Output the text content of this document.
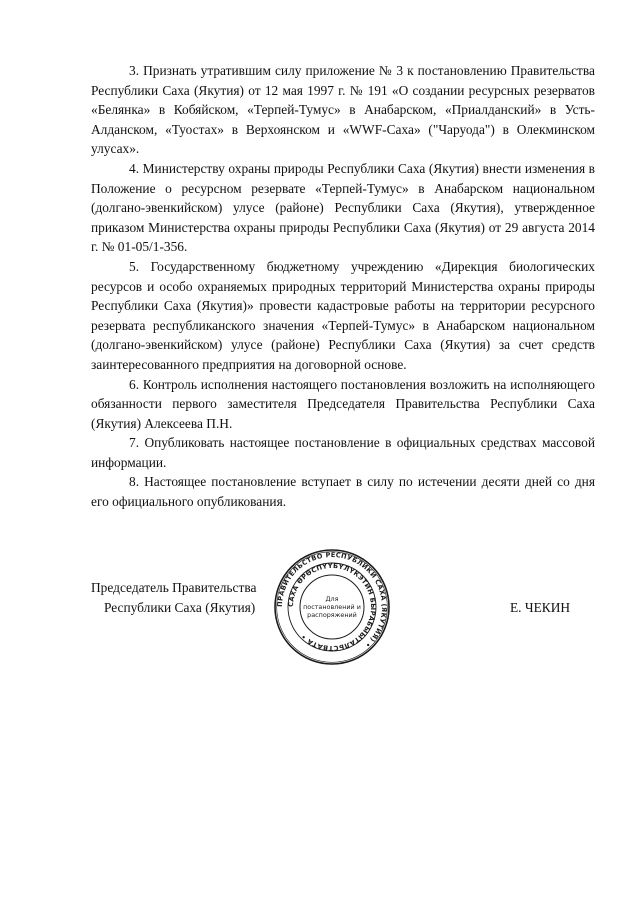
3. Признать утратившим силу приложение № 3 к постановлению Правительства Республики Саха (Якутия) от 12 мая 1997 г. № 191 «О создании ресурсных резерватов «Белянка» в Кобяйском, «Терпей-Тумус» в Анабарском, «Приалданский» в Усть-Алданском, «Туостах» в Верхоянском и «WWF-Саха» ("Чаруода") в Олекминском улусах».

4. Министерству охраны природы Республики Саха (Якутия) внести изменения в Положение о ресурсном резервате «Терпей-Тумус» в Анабарском национальном (долгано-эвенкийском) улусе (районе) Республики Саха (Якутия), утвержденное приказом Министерства охраны природы Республики Саха (Якутия) от 29 августа 2014 г. № 01-05/1-356.

5. Государственному бюджетному учреждению «Дирекция биологических ресурсов и особо охраняемых природных территорий Министерства охраны природы Республики Саха (Якутия)» провести кадастровые работы на территории ресурсного резервата республиканского значения «Терпей-Тумус» в Анабарском национальном (долгано-эвенкийском) улусе (районе) Республики Саха (Якутия) за счет средств заинтересованного предприятия на договорной основе.

6. Контроль исполнения настоящего постановления возложить на исполняющего обязанности первого заместителя Председателя Правительства Республики Саха (Якутия) Алексеева П.Н.

7. Опубликовать настоящее постановление в официальных средствах массовой информации.

8. Настоящее постановление вступает в силу по истечении десяти дней со дня его официального опубликования.

Председатель Правительства
Республики Саха (Якутия)	Е. ЧЕКИН
ПРАВИТЕЛЬСТВО РЕСПУБЛИКИ САХА (ЯКУТИЯ) •
САХА ӨРӨСПҮҮБҮЛҮКЭТИН БЫРАБЫЫТАЛЬСТВАТА •
Для
постановлений и
распоряжений
